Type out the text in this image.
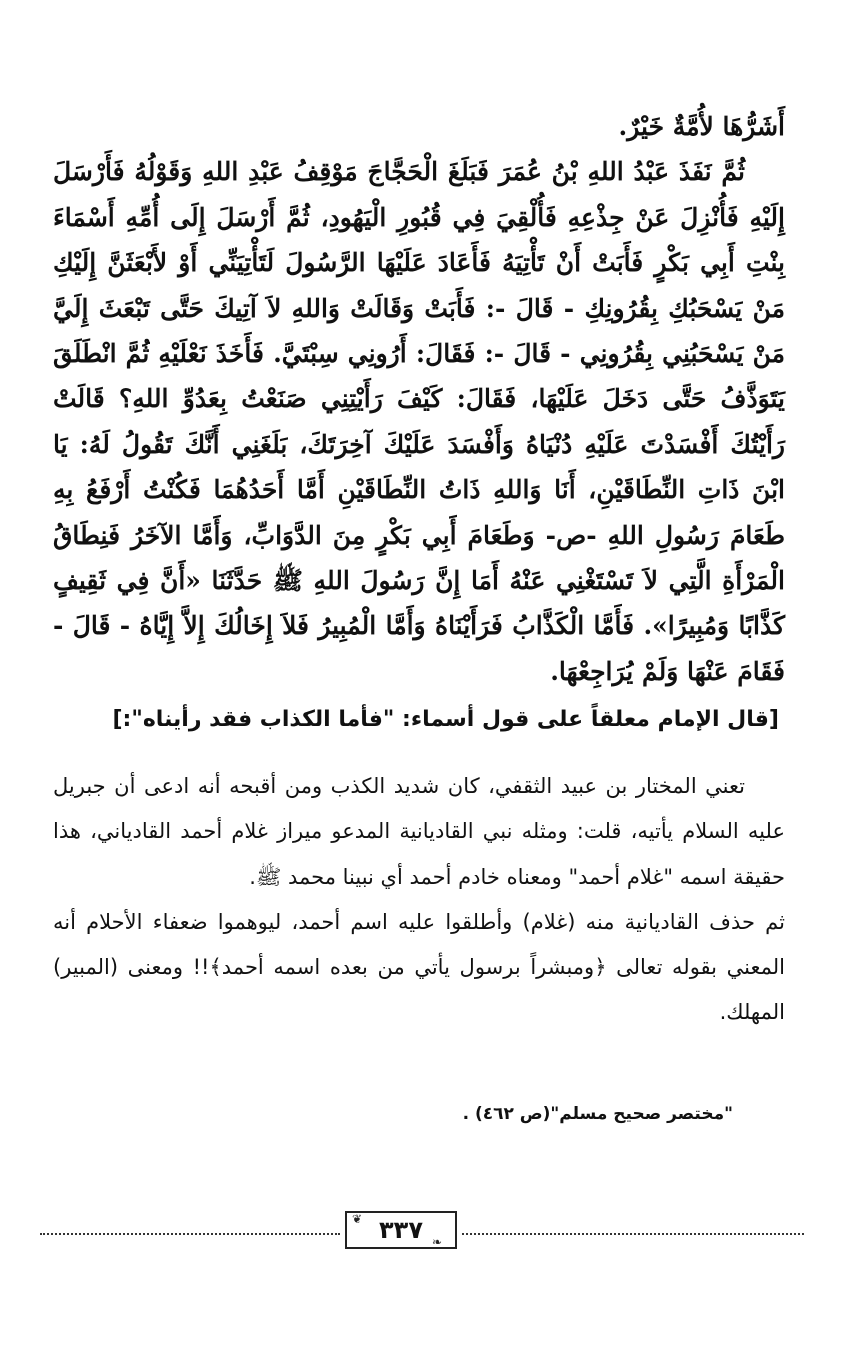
أَشَرُّهَا لأُمَّةٌ خَيْرٌ.

ثُمَّ نَفَذَ عَبْدُ اللهِ بْنُ عُمَرَ فَبَلَغَ الْحَجَّاجَ مَوْقِفُ عَبْدِ اللهِ وَقَوْلُهُ فَأَرْسَلَ إِلَيْهِ فَأُنْزِلَ عَنْ جِذْعِهِ فَأُلْقِيَ فِي قُبُورِ الْيَهُودِ، ثُمَّ أَرْسَلَ إِلَى أُمِّهِ أَسْمَاءَ بِنْتِ أَبِي بَكْرٍ فَأَبَتْ أَنْ تَأْتِيَهُ فَأَعَادَ عَلَيْهَا الرَّسُولَ لَتَأْتِيَنِّي أَوْ لأَبْعَثَنَّ إِلَيْكِ مَنْ يَسْحَبُكِ بِقُرُونِكِ - قَالَ -: فَأَبَتْ وَقَالَتْ وَاللهِ لاَ آتِيكَ حَتَّى تَبْعَثَ إِلَيَّ مَنْ يَسْحَبُنِي بِقُرُونِي - قَالَ -: فَقَالَ: أَرُونِي سِبْتَيَّ. فَأَخَذَ نَعْلَيْهِ ثُمَّ انْطَلَقَ يَتَوَذَّفُ حَتَّى دَخَلَ عَلَيْهَا، فَقَالَ: كَيْفَ رَأَيْتِنِي صَنَعْتُ بِعَدُوِّ اللهِ؟ قَالَتْ رَأَيْتُكَ أَفْسَدْتَ عَلَيْهِ دُنْيَاهُ وَأَفْسَدَ عَلَيْكَ آخِرَتَكَ، بَلَغَنِي أَنَّكَ تَقُولُ لَهُ: يَا ابْنَ ذَاتِ النِّطَاقَيْنِ، أَنَا وَاللهِ ذَاتُ النِّطَاقَيْنِ أَمَّا أَحَدُهُمَا فَكُنْتُ أَرْفَعُ بِهِ طَعَامَ رَسُولِ اللهِ -ص- وَطَعَامَ أَبِي بَكْرٍ مِنَ الدَّوَابِّ، وَأَمَّا الآخَرُ فَنِطَاقُ الْمَرْأَةِ الَّتِي لاَ تَسْتَغْنِي عَنْهُ أَمَا إِنَّ رَسُولَ اللهِ ﷺ حَدَّثَنَا «أَنَّ فِي ثَقِيفٍ كَذَّابًا وَمُبِيرًا». فَأَمَّا الْكَذَّابُ فَرَأَيْنَاهُ وَأَمَّا الْمُبِيرُ فَلاَ إِخَالُكَ إِلاَّ إِيَّاهُ - قَالَ - فَقَامَ عَنْهَا وَلَمْ يُرَاجِعْهَا.

[قال الإمام معلقاً على قول أسماء: "فأما الكذاب فقد رأيناه":]

تعني المختار بن عبيد الثقفي، كان شديد الكذب ومن أقبحه أنه ادعى أن جبريل عليه السلام يأتيه، قلت: ومثله نبي القاديانية المدعو ميراز غلام أحمد القادياني، هذا حقيقة اسمه "غلام أحمد" ومعناه خادم أحمد أي نبينا محمد ﷺ.

ثم حذف القاديانية منه (غلام) وأطلقوا عليه اسم أحمد، ليوهموا ضعفاء الأحلام أنه المعني بقوله تعالى ﴿ومبشراً برسول يأتي من بعده اسمه أحمد﴾!! ومعنى (المبير) المهلك.

"مختصر صحيح مسلم"(ص ٤٦٢) .
٣٣٧
❦
❧
